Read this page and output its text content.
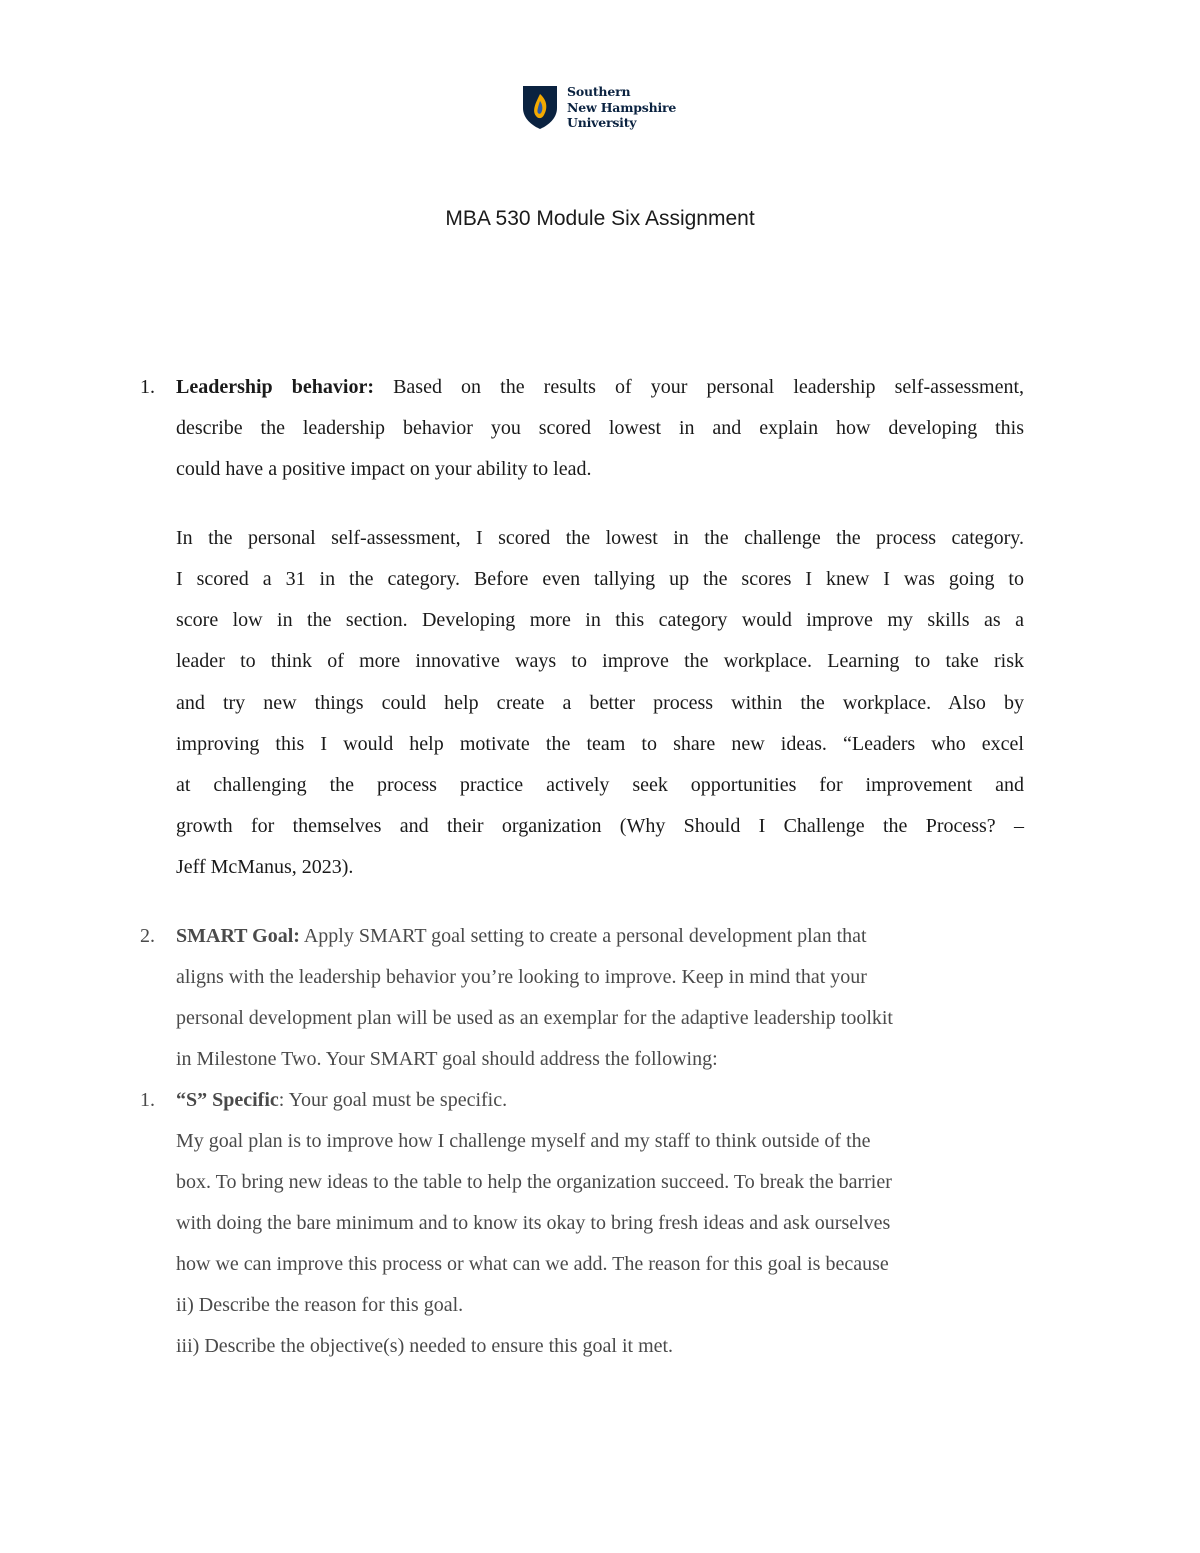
Southern
New Hampshire
University
MBA 530 Module Six Assignment
1. Leadership behavior: Based on the results of your personal leadership self-assessment,
describe the leadership behavior you scored lowest in and explain how developing this
could have a positive impact on your ability to lead.
In the personal self-assessment, I scored the lowest in the challenge the process category.
I scored a 31 in the category. Before even tallying up the scores I knew I was going to
score low in the section. Developing more in this category would improve my skills as a
leader to think of more innovative ways to improve the workplace. Learning to take risk
and try new things could help create a better process within the workplace. Also by
improving this I would help motivate the team to share new ideas. “Leaders who excel
at challenging the process practice actively seek opportunities for improvement and
growth for themselves and their organization (Why Should I Challenge the Process? –
Jeff McManus, 2023).
2. SMART Goal: Apply SMART goal setting to create a personal development plan that
aligns with the leadership behavior you’re looking to improve. Keep in mind that your
personal development plan will be used as an exemplar for the adaptive leadership toolkit
in Milestone Two. Your SMART goal should address the following:
1. “S” Specific: Your goal must be specific.
My goal plan is to improve how I challenge myself and my staff to think outside of the
box. To bring new ideas to the table to help the organization succeed. To break the barrier
with doing the bare minimum and to know its okay to bring fresh ideas and ask ourselves
how we can improve this process or what can we add. The reason for this goal is because
ii) Describe the reason for this goal.
iii) Describe the objective(s) needed to ensure this goal it met.
